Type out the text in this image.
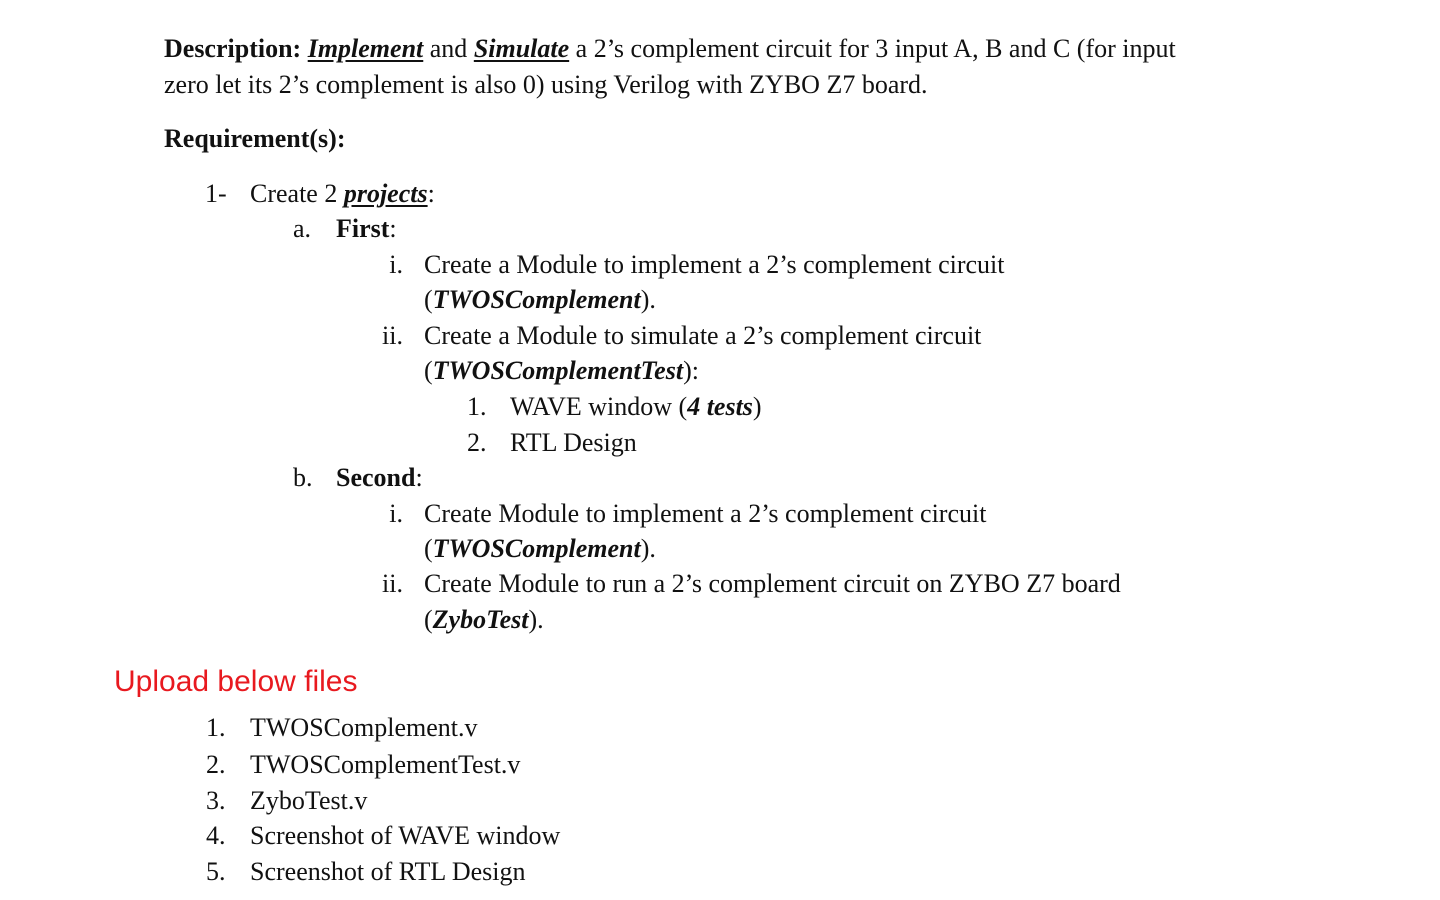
Description: Implement and Simulate a 2’s complement circuit for 3 input A, B and C (for input
zero let its 2’s complement is also 0) using Verilog with ZYBO Z7 board.
Requirement(s):
1- Create 2 projects:
a. First:
i. Create a Module to implement a 2’s complement circuit
(TWOSComplement).
ii. Create a Module to simulate a 2’s complement circuit
(TWOSComplementTest):
1. WAVE window (4 tests)
2. RTL Design
b. Second:
i. Create Module to implement a 2’s complement circuit
(TWOSComplement).
ii. Create Module to run a 2’s complement circuit on ZYBO Z7 board
(ZyboTest).
Upload below files
1. TWOSComplement.v
2. TWOSComplementTest.v
3. ZyboTest.v
4. Screenshot of WAVE window
5. Screenshot of RTL Design
